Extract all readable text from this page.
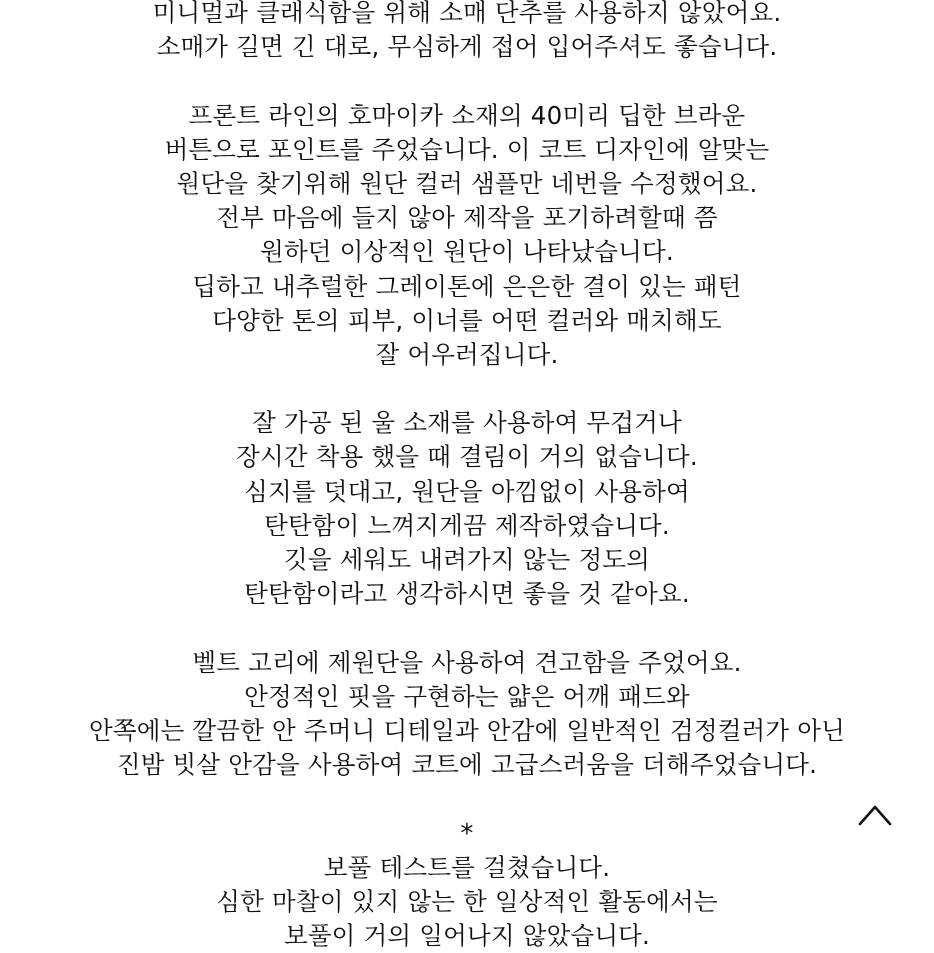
미니멀과 클래식함을 위해 소매 단추를 사용하지 않았어요.
소매가 길면 긴 대로, 무심하게 접어 입어주셔도 좋습니다.
프론트 라인의 호마이카 소재의 40미리 딥한 브라운
버튼으로 포인트를 주었습니다. 이 코트 디자인에 알맞는
원단을 찾기위해 원단 컬러 샘플만 네번을 수정했어요.
전부 마음에 들지 않아 제작을 포기하려할때 쯤
원하던 이상적인 원단이 나타났습니다.
딥하고 내추럴한 그레이톤에 은은한 결이 있는 패턴
다양한 톤의 피부, 이너를 어떤 컬러와 매치해도
잘 어우러집니다.
잘 가공 된 울 소재를 사용하여 무겁거나
장시간 착용 했을 때 결림이 거의 없습니다.
심지를 덧대고, 원단을 아낌없이 사용하여
탄탄함이 느껴지게끔 제작하였습니다.
깃을 세워도 내려가지 않는 정도의
탄탄함이라고 생각하시면 좋을 것 같아요.
벨트 고리에 제원단을 사용하여 견고함을 주었어요.
안정적인 핏을 구현하는 얇은 어깨 패드와
안쪽에는 깔끔한 안 주머니 디테일과 안감에 일반적인 검정컬러가 아닌
진밤 빗살 안감을 사용하여 코트에 고급스러움을 더해주었습니다.
*
보풀 테스트를 걸쳤습니다.
심한 마찰이 있지 않는 한 일상적인 활동에서는
보풀이 거의 일어나지 않았습니다.
